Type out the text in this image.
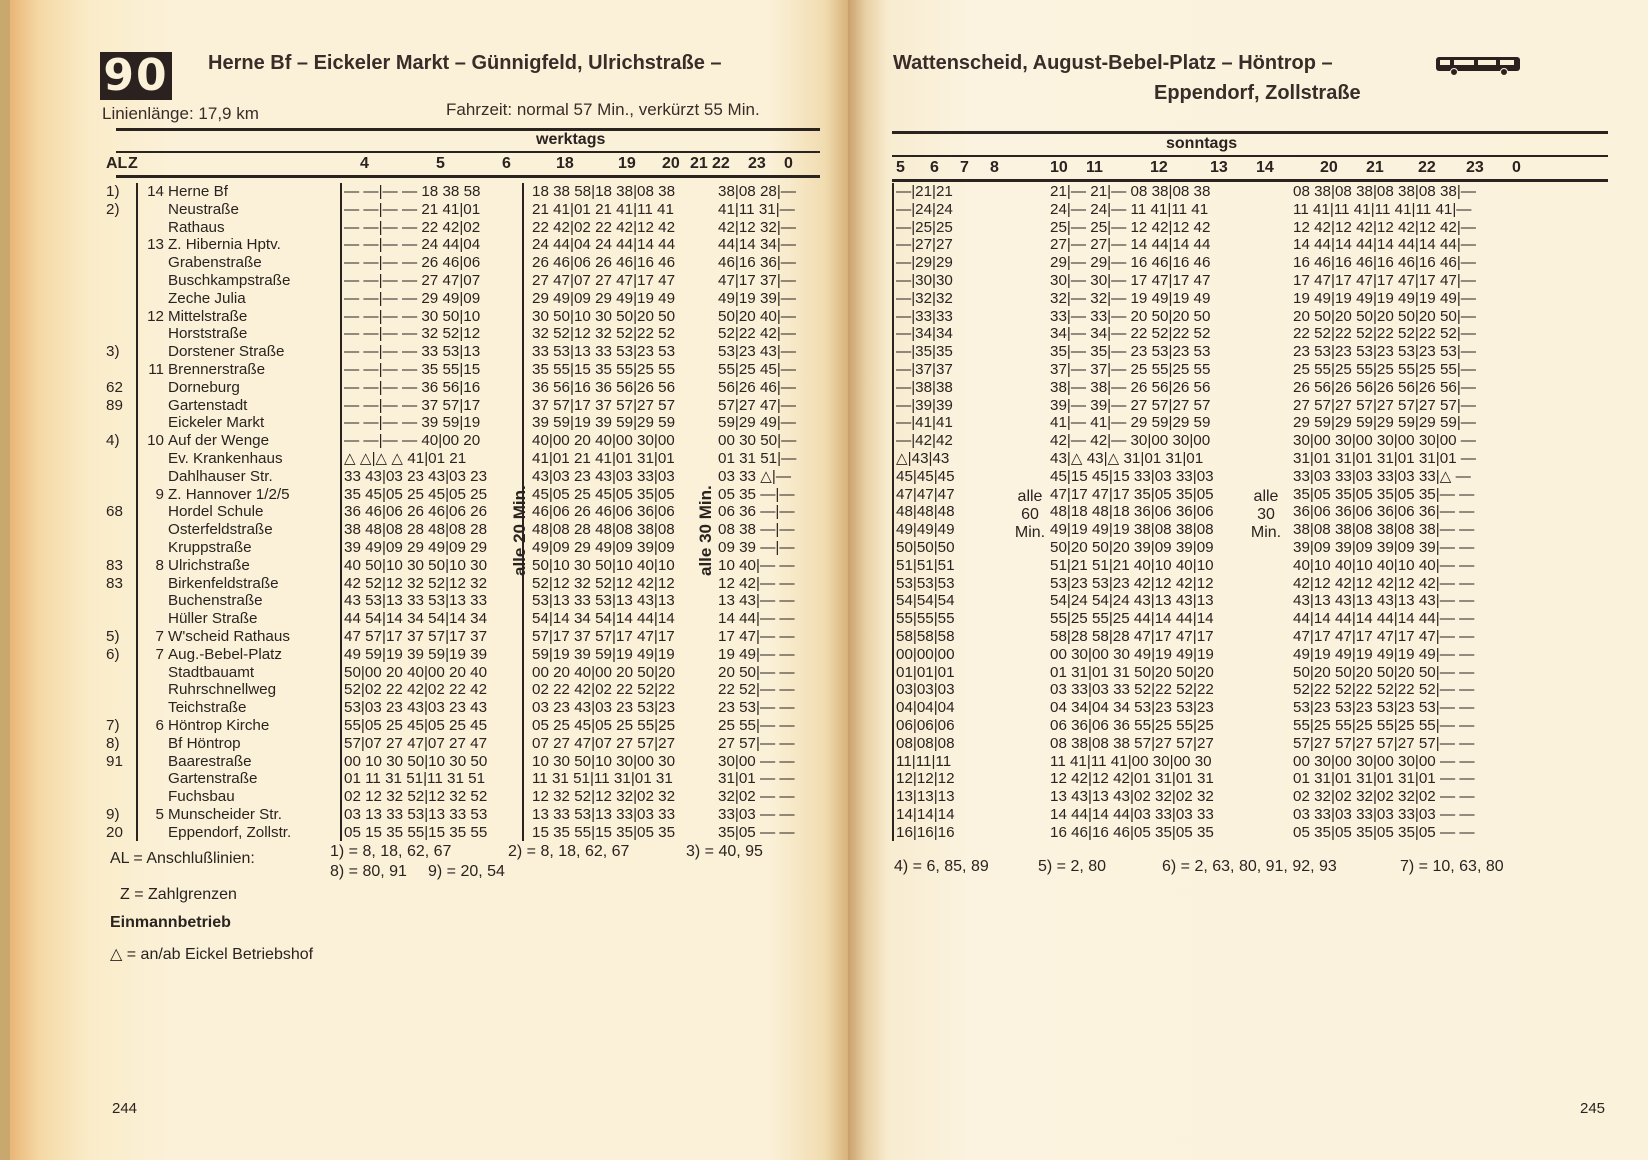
90 Herne Bf – Eickeler Markt – Günnigfeld, Ulrichstraße –
Linienlänge: 17,9 km	Fahrzeit: normal 57 Min., verkürzt 55 Min.
werktags
AL Z	4	5	6	18	19 20 21 22 23 0
1)	14	Herne Bf	— —|— — 18 38 58	18 38 58|18 38|08 38	38|08 28|—
2)		Neustraße	— —|— — 21 41|01	21 41|01 21 41|11 41	41|11 31|—
		Rathaus	— —|— — 22 42|02	22 42|02 22 42|12 42	42|12 32|—
	13	Z. Hibernia Hptv.	— —|— — 24 44|04	24 44|04 24 44|14 44	44|14 34|—
		Grabenstraße	— —|— — 26 46|06	26 46|06 26 46|16 46	46|16 36|—
		Buschkampstraße	— —|— — 27 47|07	27 47|07 27 47|17 47	47|17 37|—
		Zeche Julia	— —|— — 29 49|09	29 49|09 29 49|19 49	49|19 39|—
	12	Mittelstraße	— —|— — 30 50|10	30 50|10 30 50|20 50	50|20 40|—
		Horststraße	— —|— — 32 52|12	32 52|12 32 52|22 52	52|22 42|—
3)		Dorstener Straße	— —|— — 33 53|13	33 53|13 33 53|23 53	53|23 43|—
	11	Brennerstraße	— —|— — 35 55|15	35 55|15 35 55|25 55	55|25 45|—
62		Dorneburg	— —|— — 36 56|16	36 56|16 36 56|26 56	56|26 46|—
89		Gartenstadt	— —|— — 37 57|17	37 57|17 37 57|27 57	57|27 47|—
		Eickeler Markt	— —|— — 39 59|19	39 59|19 39 59|29 59	59|29 49|—
4)	10	Auf der Wenge	— —|— — 40|00 20	40|00 20 40|00 30|00	00 30 50|—
		Ev. Krankenhaus	△ △|△ △ 41|01 21	41|01 21 41|01 31|01	01 31 51|—
		Dahlhauser Str.	33 43|03 23 43|03 23	43|03 23 43|03 33|03	03 33 △|—
	9	Z. Hannover 1/2/5	35 45|05 25 45|05 25	45|05 25 45|05 35|05	05 35 —|—
68		Hordel Schule	36 46|06 26 46|06 26	46|06 26 46|06 36|06	06 36 —|—
		Osterfeldstraße	38 48|08 28 48|08 28	48|08 28 48|08 38|08	08 38 —|—
		Kruppstraße	39 49|09 29 49|09 29	49|09 29 49|09 39|09	09 39 —|—
83	8	Ulrichstraße	40 50|10 30 50|10 30	50|10 30 50|10 40|10	10 40|— —
83		Birkenfeldstraße	42 52|12 32 52|12 32	52|12 32 52|12 42|12	12 42|— —
		Buchenstraße	43 53|13 33 53|13 33	53|13 33 53|13 43|13	13 43|— —
		Hüller Straße	44 54|14 34 54|14 34	54|14 34 54|14 44|14	14 44|— —
5)	7	W'scheid Rathaus	47 57|17 37 57|17 37	57|17 37 57|17 47|17	17 47|— —
6)	7	Aug.-Bebel-Platz	49 59|19 39 59|19 39	59|19 39 59|19 49|19	19 49|— —
		Stadtbauamt	50|00 20 40|00 20 40	00 20 40|00 20 50|20	20 50|— —
		Ruhrschnellweg	52|02 22 42|02 22 42	02 22 42|02 22 52|22	22 52|— —
		Teichstraße	53|03 23 43|03 23 43	03 23 43|03 23 53|23	23 53|— —
7)	6	Höntrop Kirche	55|05 25 45|05 25 45	05 25 45|05 25 55|25	25 55|— —
8)		Bf Höntrop	57|07 27 47|07 27 47	07 27 47|07 27 57|27	27 57|— —
91		Baarestraße	00 10 30 50|10 30 50	10 30 50|10 30|00 30	30|00 — —
		Gartenstraße	01 11 31 51|11 31 51	11 31 51|11 31|01 31	31|01 — —
		Fuchsbau	02 12 32 52|12 32 52	12 32 52|12 32|02 32	32|02 — —
9)	5	Munscheider Str.	03 13 33 53|13 33 53	13 33 53|13 33|03 33	33|03 — —
20		Eppendorf, Zollstr.	05 15 35 55|15 35 55	15 35 55|15 35|05 35	35|05 — —
alle 20 Min.	alle 30 Min.
AL = Anschlußlinien:	1) = 8, 18, 62, 67	2) = 8, 18, 62, 67	3) = 40, 95
8) = 80, 91 9) = 20, 54
Z = Zahlgrenzen
Einmannbetrieb
△ = an/ab Eickel Betriebshof
244
Wattenscheid, August-Bebel-Platz – Höntrop –
Eppendorf, Zollstraße
sonntags
5 6 7 8	10 11	12	13 14	20 21 22 23 0
—|21|21	21|— 21|— 08 38|08 38	08 38|08 38|08 38|08 38|—
—|24|24	24|— 24|— 11 41|11 41	11 41|11 41|11 41|11 41|—
—|25|25	25|— 25|— 12 42|12 42	12 42|12 42|12 42|12 42|—
—|27|27	27|— 27|— 14 44|14 44	14 44|14 44|14 44|14 44|—
—|29|29	29|— 29|— 16 46|16 46	16 46|16 46|16 46|16 46|—
—|30|30	30|— 30|— 17 47|17 47	17 47|17 47|17 47|17 47|—
—|32|32	32|— 32|— 19 49|19 49	19 49|19 49|19 49|19 49|—
—|33|33	33|— 33|— 20 50|20 50	20 50|20 50|20 50|20 50|—
—|34|34	34|— 34|— 22 52|22 52	22 52|22 52|22 52|22 52|—
—|35|35	35|— 35|— 23 53|23 53	23 53|23 53|23 53|23 53|—
—|37|37	37|— 37|— 25 55|25 55	25 55|25 55|25 55|25 55|—
—|38|38	38|— 38|— 26 56|26 56	26 56|26 56|26 56|26 56|—
—|39|39	39|— 39|— 27 57|27 57	27 57|27 57|27 57|27 57|—
—|41|41	41|— 41|— 29 59|29 59	29 59|29 59|29 59|29 59|—
—|42|42	42|— 42|— 30|00 30|00	30|00 30|00 30|00 30|00 —
△|43|43	43|△ 43|△ 31|01 31|01	31|01 31|01 31|01 31|01 —
45|45|45	45|15 45|15 33|03 33|03	33|03 33|03 33|03 33|△ —
47|47|47	47|17 47|17 35|05 35|05	35|05 35|05 35|05 35|— —
48|48|48	48|18 48|18 36|06 36|06	36|06 36|06 36|06 36|— —
49|49|49	49|19 49|19 38|08 38|08	38|08 38|08 38|08 38|— —
50|50|50	50|20 50|20 39|09 39|09	39|09 39|09 39|09 39|— —
51|51|51	51|21 51|21 40|10 40|10	40|10 40|10 40|10 40|— —
53|53|53	53|23 53|23 42|12 42|12	42|12 42|12 42|12 42|— —
54|54|54	54|24 54|24 43|13 43|13	43|13 43|13 43|13 43|— —
55|55|55	55|25 55|25 44|14 44|14	44|14 44|14 44|14 44|— —
58|58|58	58|28 58|28 47|17 47|17	47|17 47|17 47|17 47|— —
00|00|00	00 30|00 30 49|19 49|19	49|19 49|19 49|19 49|— —
01|01|01	01 31|01 31 50|20 50|20	50|20 50|20 50|20 50|— —
03|03|03	03 33|03 33 52|22 52|22	52|22 52|22 52|22 52|— —
04|04|04	04 34|04 34 53|23 53|23	53|23 53|23 53|23 53|— —
06|06|06	06 36|06 36 55|25 55|25	55|25 55|25 55|25 55|— —
08|08|08	08 38|08 38 57|27 57|27	57|27 57|27 57|27 57|— —
11|11|11	11 41|11 41|00 30|00 30	00 30|00 30|00 30|00 — —
12|12|12	12 42|12 42|01 31|01 31	01 31|01 31|01 31|01 — —
13|13|13	13 43|13 43|02 32|02 32	02 32|02 32|02 32|02 — —
14|14|14	14 44|14 44|03 33|03 33	03 33|03 33|03 33|03 — —
16|16|16	16 46|16 46|05 35|05 35	05 35|05 35|05 35|05 — —
alle
60
Min.
alle
30
Min.
4) = 6, 85, 89	5) = 2, 80	6) = 2, 63, 80, 91, 92, 93	7) = 10, 63, 80
245
